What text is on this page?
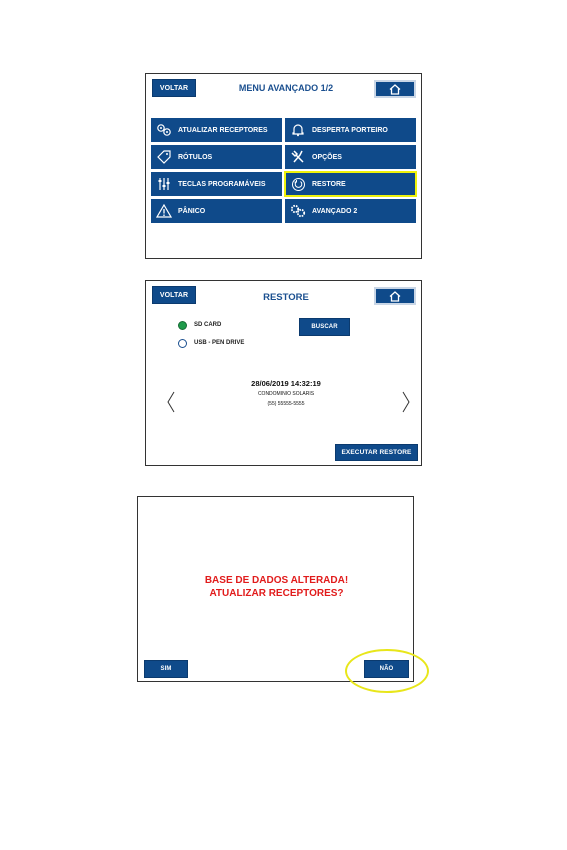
VOLTAR	MENU AVANÇADO 1/2
ATUALIZAR RECEPTORES	DESPERTA PORTEIRO
RÓTULOS	OPÇÕES
TECLAS PROGRAMÁVEIS	RESTORE
PÂNICO	AVANÇADO 2
VOLTAR	RESTORE
SD CARD
USB - PEN DRIVE
BUSCAR
28/06/2019 14:32:19
CONDOMINIO SOLARIS
(55) 55555-5555
EXECUTAR RESTORE
BASE DE DADOS ALTERADA!
ATUALIZAR RECEPTORES?
SIM	NÃO
